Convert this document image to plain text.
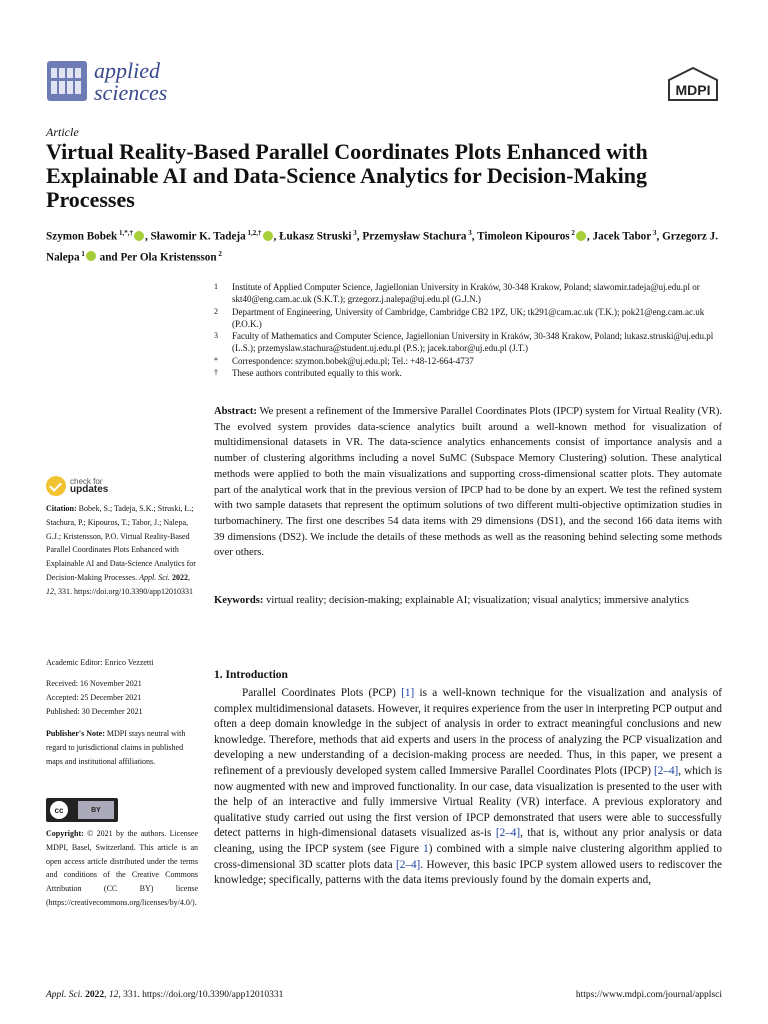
applied
sciences	MDPI
Article
Virtual Reality-Based Parallel Coordinates Plots Enhanced with Explainable AI and Data-Science Analytics for Decision-Making Processes
Szymon Bobek $^{1,*,\dagger}$ , Sławomir K. Tadeja $^{1,2,\dagger}$ , Łukasz Struski $^3$, Przemysław Stachura $^3$, Timoleon Kipouros $^2$ , Jacek Tabor $^3$, Grzegorz J. Nalepa $^1$ and Per Ola Kristensson $^2$
1	Institute of Applied Computer Science, Jagiellonian University in Kraków, 30-348 Krakow, Poland; slawomir.tadeja@uj.edu.pl or skt40@eng.cam.ac.uk (S.K.T.); grzegorz.j.nalepa@uj.edu.pl (G.J.N.)
2	Department of Engineering, University of Cambridge, Cambridge CB2 1PZ, UK; tk291@cam.ac.uk (T.K.); pok21@eng.cam.ac.uk (P.O.K.)
3	Faculty of Mathematics and Computer Science, Jagiellonian University in Kraków, 30-348 Krakow, Poland; lukasz.struski@uj.edu.pl (L.S.); przemyslaw.stachura@student.uj.edu.pl (P.S.); jacek.tabor@uj.edu.pl (J.T.)
*	Correspondence: szymon.bobek@uj.edu.pl; Tel.: +48-12-664-4737
†	These authors contributed equally to this work.
Abstract: We present a refinement of the Immersive Parallel Coordinates Plots (IPCP) system for Virtual Reality (VR). The evolved system provides data-science analytics built around a well-known method for visualization of multidimensional datasets in VR. The data-science analytics enhancements consist of importance analysis and a number of clustering algorithms including a novel SuMC (Subspace Memory Clustering) solution. These analytical methods were applied to both the main visualizations and supporting cross-dimensional scatter plots. They automate part of the analytical work that in the previous version of IPCP had to be done by an expert. We test the refined system with two sample datasets that represent the optimum solutions of two different multi-objective optimization studies in turbomachinery. The first one describes 54 data items with 29 dimensions (DS1), and the second 166 data items with 39 dimensions (DS2). We include the details of these methods as well as the reasoning behind selecting some methods over others.
Keywords: virtual reality; decision-making; explainable AI; visualization; visual analytics; immersive analytics
1. Introduction

Parallel Coordinates Plots (PCP) [1] is a well-known technique for the visualization and analysis of complex multidimensional datasets. However, it requires experience from the user in interpreting PCP output and often a deep domain knowledge in the subject of analysis in order to extract meaningful conclusions and new knowledge. Therefore, methods that aid experts and users in the process of analyzing the PCP visualization and developing a new understanding of a decision-making process are needed. Thus, in this paper, we present a refinement of a previously developed system called Immersive Parallel Coordinates Plots (IPCP) [2–4], which is now augmented with new and improved functionality. In our case, data visualization is presented to the user with the help of an interactive and fully immersive Virtual Reality (VR) interface. A previous exploratory and qualitative study carried out using the first version of IPCP demonstrated that users were able to successfully detect patterns in high-dimensional datasets visualized as-is [2–4], that is, without any prior analysis or data cleaning, using the IPCP system (see Figure 1) combined with a simple naive clustering algorithm applied to cross-dimensional 3D scatter plots data [2–4]. However, this basic IPCP system allowed users to rediscover the knowledge; specifically, patterns with the data items previously found by the domain experts and,

check for
updates
Citation: Bobek, S.; Tadeja, S.K.; Struski, Ł.; Stachura, P.; Kipouros, T.; Tabor, J.; Nalepa, G.J.; Kristensson, P.O. Virtual Reality-Based Parallel Coordinates Plots Enhanced with Explainable AI and Data-Science Analytics for Decision-Making Processes. Appl. Sci. 2022, 12, 331. https://doi.org/10.3390/app12010331
Academic Editor: Enrico Vezzetti
Received: 16 November 2021
Accepted: 25 December 2021
Published: 30 December 2021
Publisher's Note: MDPI stays neutral with regard to jurisdictional claims in published maps and institutional affiliations.
cc	BY
Copyright: © 2021 by the authors. Licensee MDPI, Basel, Switzerland. This article is an open access article distributed under the terms and conditions of the Creative Commons Attribution (CC BY) license (https://creativecommons.org/licenses/by/4.0/).
Appl. Sci. 2022, 12, 331. https://doi.org/10.3390/app12010331	https://www.mdpi.com/journal/applsci
